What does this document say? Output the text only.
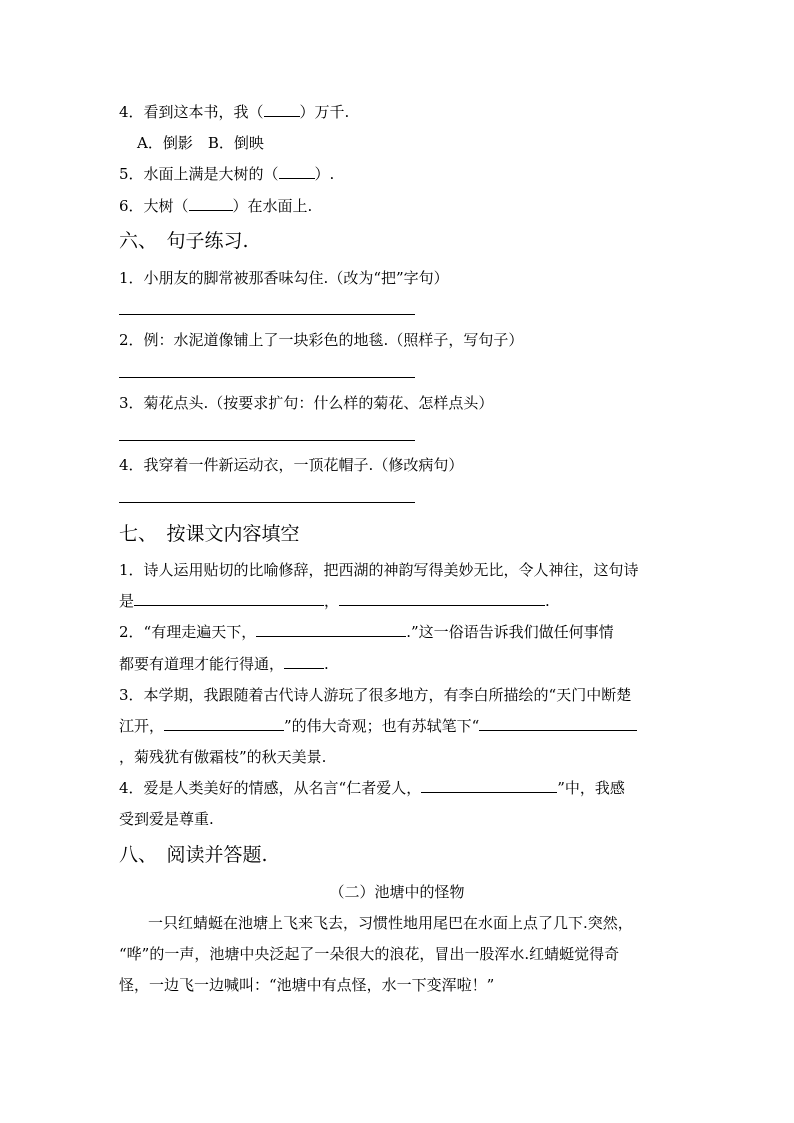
4．看到这本书，我（ ）万千.
A．倒影　B．倒映
5．水面上满是大树的（ ）.
6．大树（	）在水面上.
六、　句子练习.
1．小朋友的脚常被那香味勾住.（改为“把”字句）
2．例：水泥道像铺上了一块彩色的地毯.（照样子，写句子）
3．菊花点头.（按要求扩句：什么样的菊花、怎样点头）
4．我穿着一件新运动衣，一顶花帽子.（修改病句）
七、　按课文内容填空
1．诗人运用贴切的比喻修辞，把西湖的神韵写得美妙无比，令人神往，这句诗
是	，	.
2．“有理走遍天下，	.”这一俗语告诉我们做任何事情
都要有道理才能行得通，	.
3．本学期，我跟随着古代诗人游玩了很多地方，有李白所描绘的“天门中断楚
江开，	”的伟大奇观；也有苏轼笔下“
，菊残犹有傲霜枝”的秋天美景.
4．爱是人类美好的情感，从名言“仁者爱人，	”中，我感
受到爱是尊重.
八、　阅读并答题.
（二）池塘中的怪物
一只红蜻蜓在池塘上飞来飞去，习惯性地用尾巴在水面上点了几下.突然，
“哗”的一声，池塘中央泛起了一朵很大的浪花，冒出一股浑水.红蜻蜓觉得奇
怪，一边飞一边喊叫：“池塘中有点怪，水一下变浑啦！”
